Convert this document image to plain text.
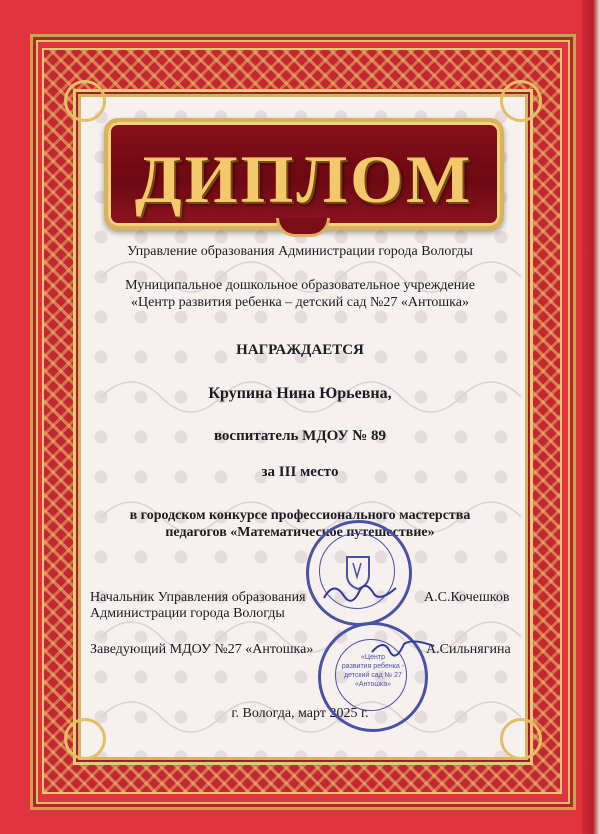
ДИПЛОМ
Управление образования Администрации города Вологды
Муниципальное дошкольное образовательное учреждение
«Центр развития ребенка – детский сад №27 «Антошка»
НАГРАЖДАЕТСЯ
Крупина Нина Юрьевна,
воспитатель МДОУ № 89
за III место
в городском конкурсе профессионального мастерства
педагогов «Математическое путешествие»
Начальник Управления образования
Администрации города Вологды
А.С.Кочешков
Заведующий МДОУ №27 «Антошка»	А.Сильнягина
г. Вологда, март 2025 г.
«Центр
развития ребенка -
детский сад № 27
«Антошка»
